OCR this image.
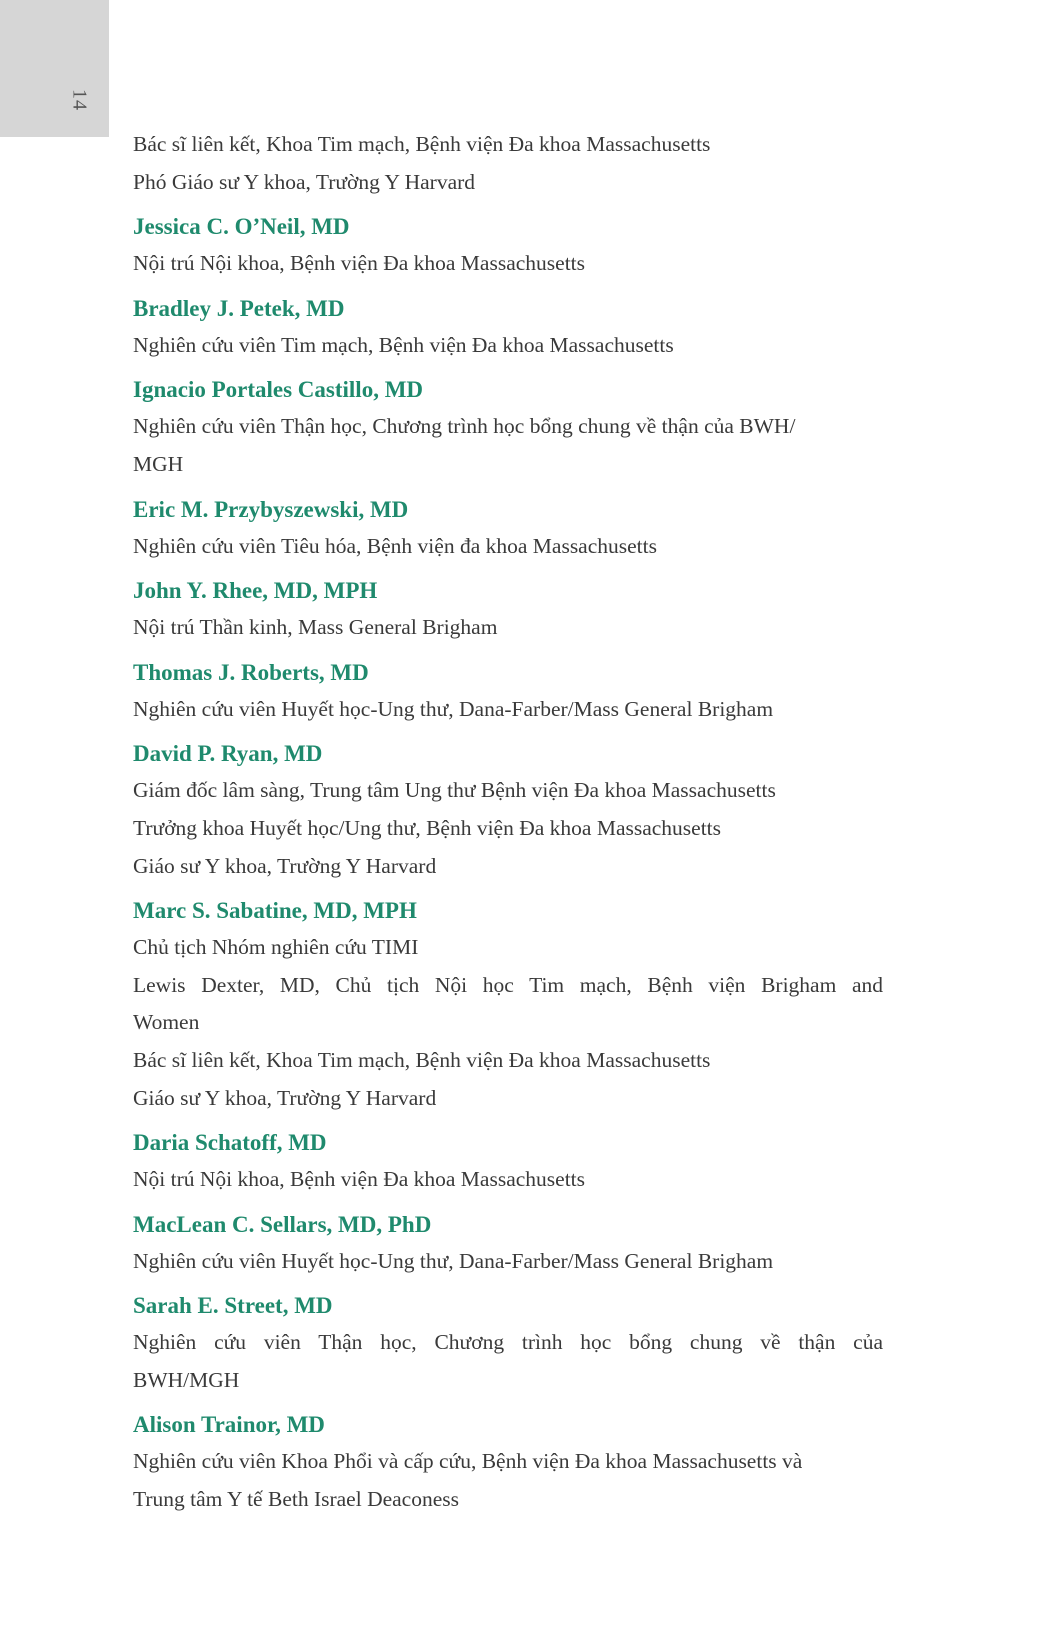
14

Bác sĩ liên kết, Khoa Tim mạch, Bệnh viện Đa khoa Massachusetts

Phó Giáo sư Y khoa, Trường Y Harvard

Jessica C. O’Neil, MD

Nội trú Nội khoa, Bệnh viện Đa khoa Massachusetts

Bradley J. Petek, MD

Nghiên cứu viên Tim mạch, Bệnh viện Đa khoa Massachusetts

Ignacio Portales Castillo, MD

Nghiên cứu viên Thận học, Chương trình học bổng chung về thận của BWH/

MGH

Eric M. Przybyszewski, MD

Nghiên cứu viên Tiêu hóa, Bệnh viện đa khoa Massachusetts

John Y. Rhee, MD, MPH

Nội trú Thần kinh, Mass General Brigham

Thomas J. Roberts, MD

Nghiên cứu viên Huyết học-Ung thư, Dana-Farber/Mass General Brigham

David P. Ryan, MD

Giám đốc lâm sàng, Trung tâm Ung thư Bệnh viện Đa khoa Massachusetts

Trưởng khoa Huyết học/Ung thư, Bệnh viện Đa khoa Massachusetts

Giáo sư Y khoa, Trường Y Harvard

Marc S. Sabatine, MD, MPH

Chủ tịch Nhóm nghiên cứu TIMI

Lewis Dexter, MD, Chủ tịch Nội học Tim mạch, Bệnh viện Brigham and

Women

Bác sĩ liên kết, Khoa Tim mạch, Bệnh viện Đa khoa Massachusetts

Giáo sư Y khoa, Trường Y Harvard

Daria Schatoff, MD

Nội trú Nội khoa, Bệnh viện Đa khoa Massachusetts

MacLean C. Sellars, MD, PhD

Nghiên cứu viên Huyết học-Ung thư, Dana-Farber/Mass General Brigham

Sarah E. Street, MD

Nghiên cứu viên Thận học, Chương trình học bổng chung về thận của

BWH/MGH

Alison Trainor, MD

Nghiên cứu viên Khoa Phổi và cấp cứu, Bệnh viện Đa khoa Massachusetts và

Trung tâm Y tế Beth Israel Deaconess
